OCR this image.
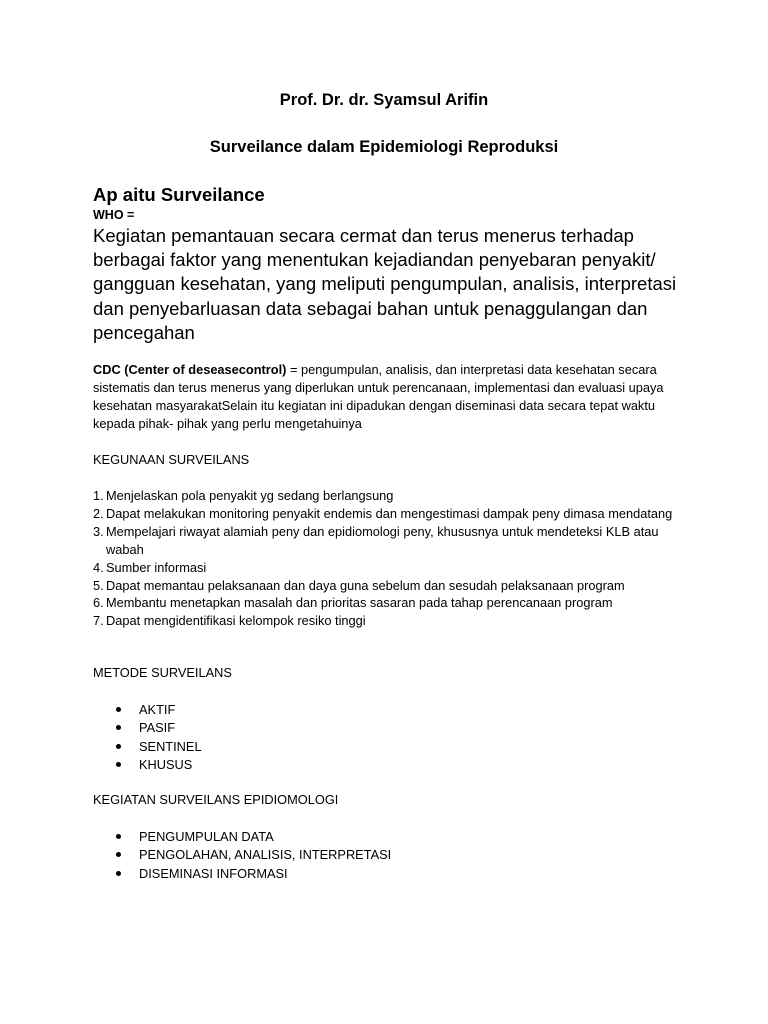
Prof. Dr. dr. Syamsul Arifin
Surveilance dalam Epidemiologi Reproduksi
Ap aitu Surveilance
WHO =
Kegiatan pemantauan secara cermat dan terus menerus terhadap berbagai faktor yang menentukan kejadiandan penyebaran penyakit/ gangguan kesehatan, yang meliputi pengumpulan, analisis, interpretasi dan penyebarluasan data sebagai bahan untuk penaggulangan dan pencegahan
CDC (Center of deseasecontrol) = pengumpulan, analisis, dan interpretasi data kesehatan secara sistematis dan terus menerus yang diperlukan untuk perencanaan, implementasi dan evaluasi upaya kesehatan masyarakatSelain itu kegiatan ini dipadukan dengan diseminasi data secara tepat waktu kepada pihak- pihak yang perlu mengetahuinya
KEGUNAAN SURVEILANS
1. Menjelaskan pola penyakit yg sedang berlangsung
2. Dapat melakukan monitoring penyakit endemis dan mengestimasi dampak peny dimasa mendatang
3. Mempelajari riwayat alamiah peny dan epidiomologi peny, khususnya untuk mendeteksi KLB atau wabah
4. Sumber informasi
5. Dapat memantau pelaksanaan dan daya guna sebelum dan sesudah pelaksanaan program
6. Membantu menetapkan masalah dan prioritas sasaran pada tahap perencanaan program
7. Dapat mengidentifikasi kelompok resiko tinggi
METODE SURVEILANS
AKTIF
PASIF
SENTINEL
KHUSUS
KEGIATAN SURVEILANS EPIDIOMOLOGI
PENGUMPULAN DATA
PENGOLAHAN, ANALISIS, INTERPRETASI
DISEMINASI INFORMASI
